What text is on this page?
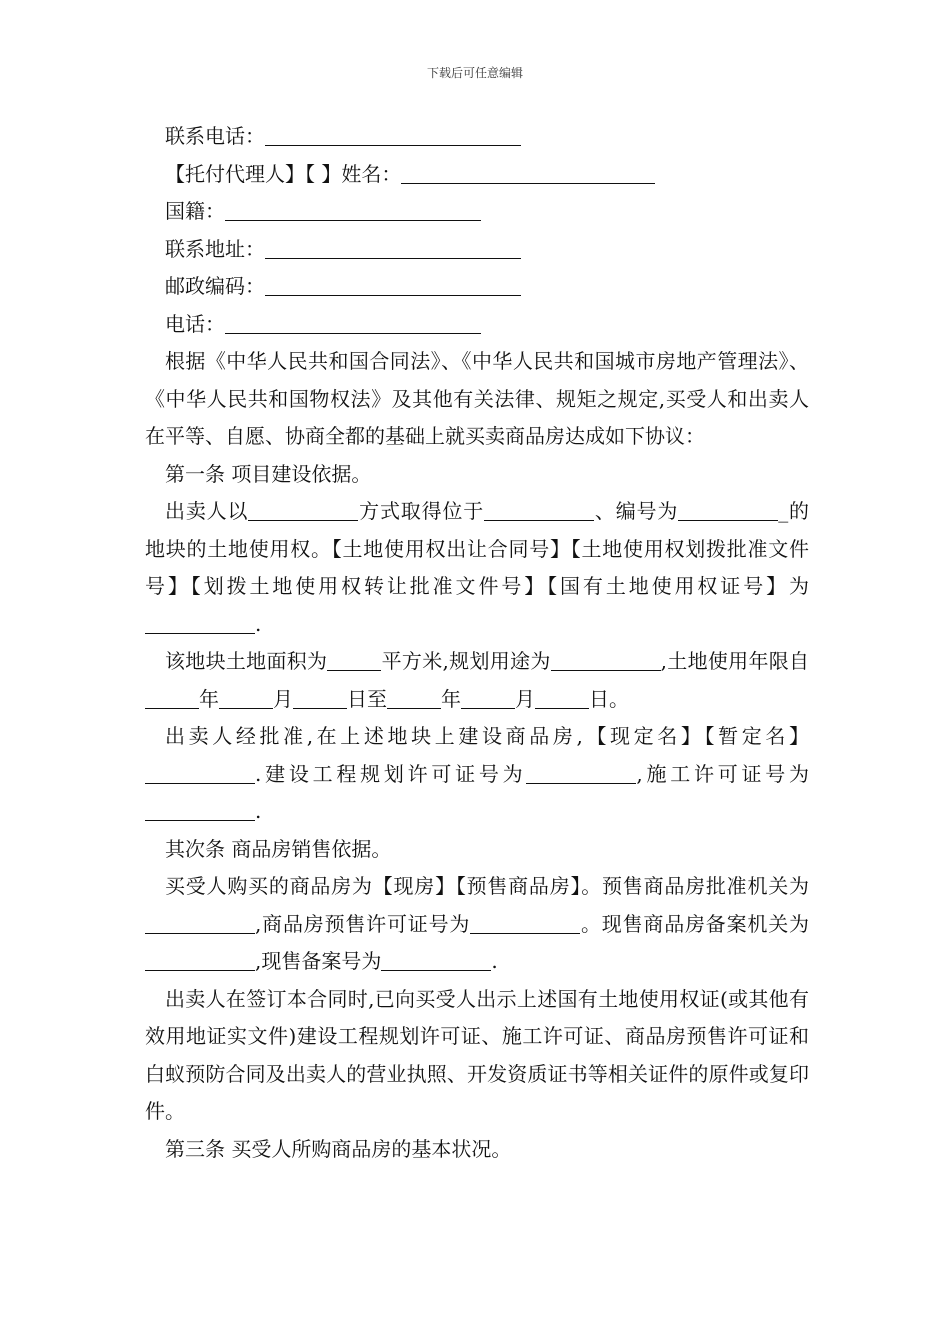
下载后可任意编辑

联系电话：

【托付代理人】【 】姓名：

国籍：

联系地址：

邮政编码：

电话：

根据《中华人民共和国合同法》、《中华人民共和国城市房地产管理法》、《中华人民共和国物权法》及其他有关法律、规矩之规定,买受人和出卖人在平等、自愿、协商全都的基础上就买卖商品房达成如下协议：

第一条 项目建设依据。

出卖人以	方式取得位于	、编号为	_的地块的土地使用权。【土地使用权出让合同号】【土地使用权划拨批准文件号】【划拨土地使用权转让批准文件号】【国有土地使用权证号】为.

该地块土地面积为	平方米,规划用途为	,土地使用年限自年	月	日至	年	月	日。

出卖人经批准,在上述地块上建设商品房,【现定名】【暂定名】.建设工程规划许可证号为	,施工许可证号为.

其次条 商品房销售依据。

买受人购买的商品房为【现房】【预售商品房】。预售商品房批准机关为,商品房预售许可证号为	。现售商品房备案机关为,现售备案号为	.

出卖人在签订本合同时,已向买受人出示上述国有土地使用权证(或其他有效用地证实文件)建设工程规划许可证、施工许可证、商品房预售许可证和白蚁预防合同及出卖人的营业执照、开发资质证书等相关证件的原件或复印件。

第三条 买受人所购商品房的基本状况。
